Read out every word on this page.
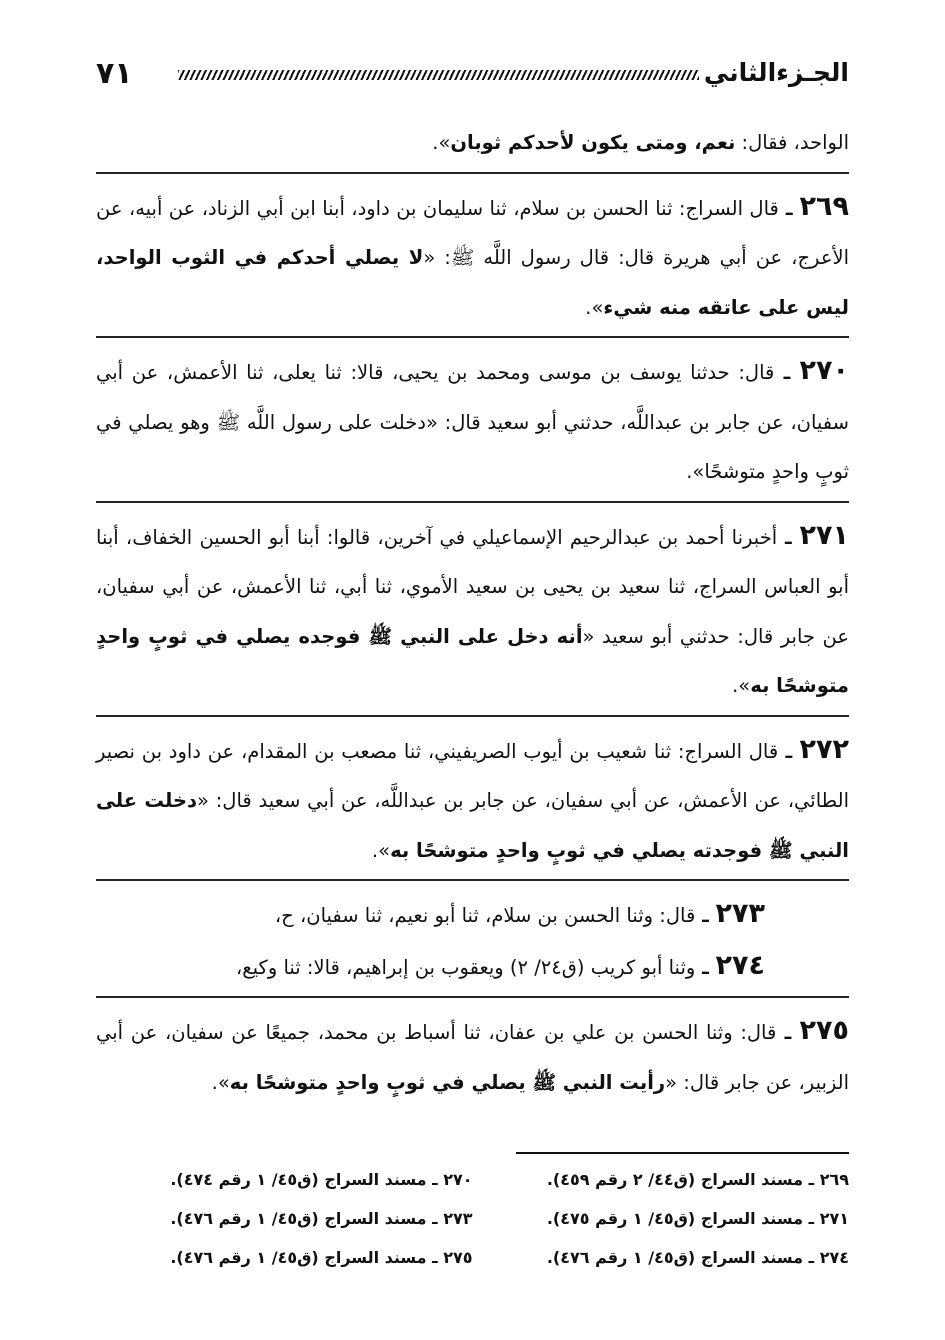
٧١	الجـزءالثاني

الواحد، فقال: نعم، ومتى يكون لأحدكم ثوبان».

٢٦٩ ـ قال السراج: ثنا الحسن بن سلام، ثنا سليمان بن داود، أبنا ابن أبي الزناد، عن أبيه، عن الأعرج، عن أبي هريرة قال: قال رسول اللَّه ﷺ: «لا يصلي أحدكم في الثوب الواحد، ليس على عاتقه منه شيء».

٢٧٠ ـ قال: حدثنا يوسف بن موسى ومحمد بن يحيى، قالا: ثنا يعلى، ثنا الأعمش، عن أبي سفيان، عن جابر بن عبداللَّه، حدثني أبو سعيد قال: «دخلت على رسول اللَّه ﷺ وهو يصلي في ثوبٍ واحدٍ متوشحًا».

٢٧١ ـ أخبرنا أحمد بن عبدالرحيم الإسماعيلي في آخرين، قالوا: أبنا أبو الحسين الخفاف، أبنا أبو العباس السراج، ثنا سعيد بن يحيى بن سعيد الأموي، ثنا أبي، ثنا الأعمش، عن أبي سفيان، عن جابر قال: حدثني أبو سعيد «أنه دخل على النبي ﷺ فوجده يصلي في ثوبٍ واحدٍ متوشحًا به».

٢٧٢ ـ قال السراج: ثنا شعيب بن أيوب الصريفيني، ثنا مصعب بن المقدام، عن داود بن نصير الطائي، عن الأعمش، عن أبي سفيان، عن جابر بن عبداللَّه، عن أبي سعيد قال: «دخلت على النبي ﷺ فوجدته يصلي في ثوبٍ واحدٍ متوشحًا به».

٢٧٣ ـ قال: وثنا الحسن بن سلام، ثنا أبو نعيم، ثنا سفيان، ح،

٢٧٤ ـ وثنا أبو كريب (ق٢٤/ ٢) ويعقوب بن إبراهيم، قالا: ثنا وكيع،

٢٧٥ ـ قال: وثنا الحسن بن علي بن عفان، ثنا أسباط بن محمد، جميعًا عن سفيان، عن أبي الزبير، عن جابر قال: «رأيت النبي ﷺ يصلي في ثوبٍ واحدٍ متوشحًا به».

٢٦٩ ـ مسند السراج (ق٤٤/ ٢ رقم ٤٥٩).
٢٧٠ ـ مسند السراج (ق٤٥/ ١ رقم ٤٧٤).
٢٧١ ـ مسند السراج (ق٤٥/ ١ رقم ٤٧٥).
٢٧٣ ـ مسند السراج (ق٤٥/ ١ رقم ٤٧٦).
٢٧٤ ـ مسند السراج (ق٤٥/ ١ رقم ٤٧٦).
٢٧٥ ـ مسند السراج (ق٤٥/ ١ رقم ٤٧٦).
